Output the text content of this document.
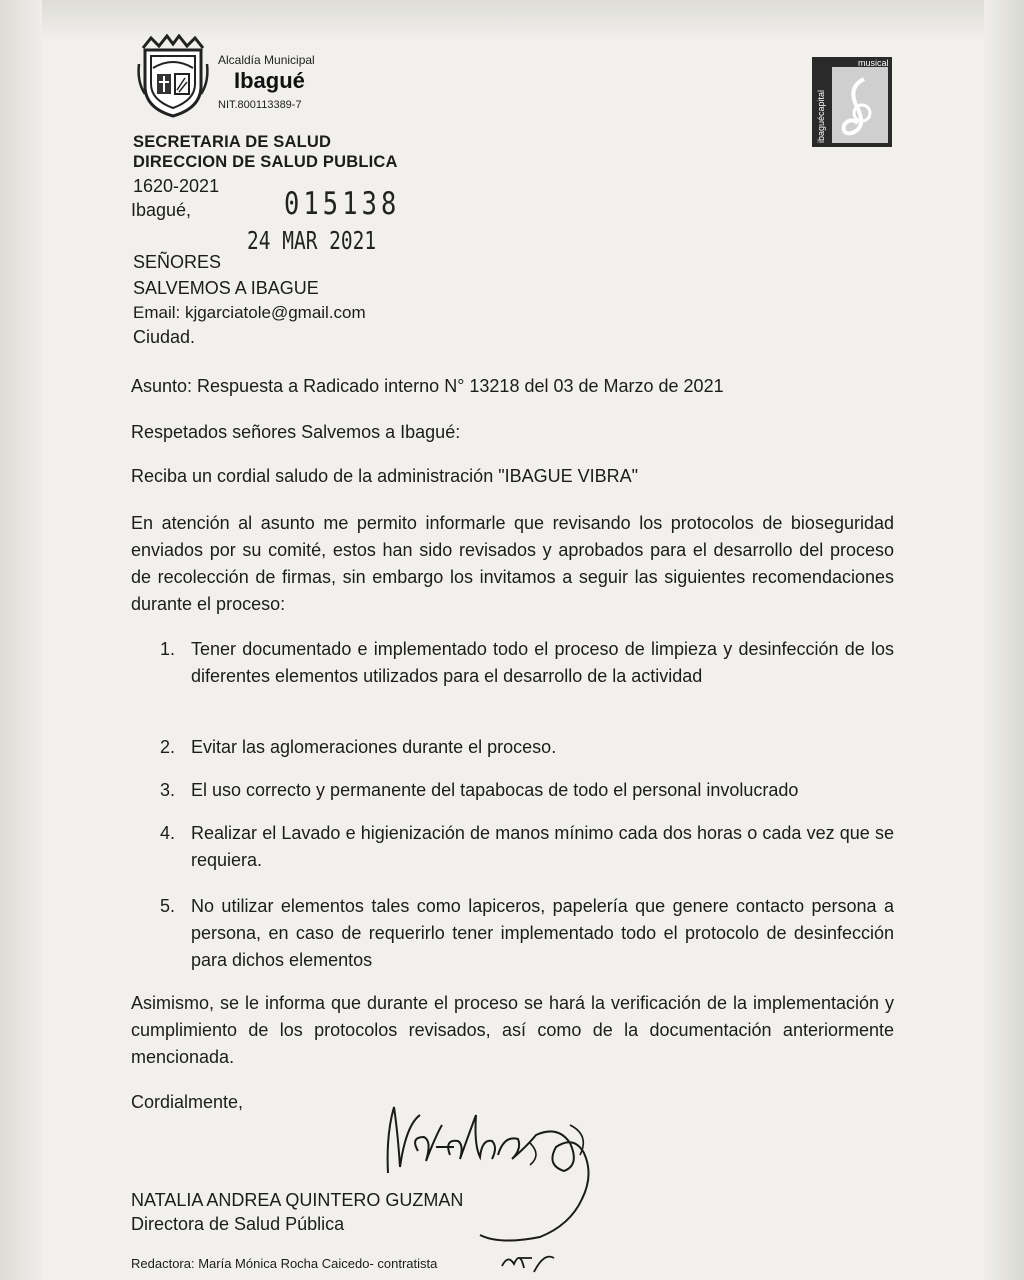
Alcaldía Municipal
Ibagué
NIT.800113389-7
musical
ibaguécapital
SECRETARIA DE SALUD
DIRECCION DE SALUD PUBLICA
1620-2021
Ibagué,	015138
24 MAR 2021
SEÑORES
SALVEMOS A IBAGUE
Email: kjgarciatole@gmail.com
Ciudad.
Asunto: Respuesta a Radicado interno N° 13218 del 03 de Marzo de 2021
Respetados señores Salvemos a Ibagué:
Reciba un cordial saludo de la administración "IBAGUE VIBRA"
En atención al asunto me permito informarle que revisando los protocolos de bioseguridad enviados por su comité, estos han sido revisados y aprobados para el desarrollo del proceso de recolección de firmas, sin embargo los invitamos a seguir las siguientes recomendaciones durante el proceso:
1. Tener documentado e implementado todo el proceso de limpieza y desinfección de los diferentes elementos utilizados para el desarrollo de la actividad
2. Evitar las aglomeraciones durante el proceso.
3. El uso correcto y permanente del tapabocas de todo el personal involucrado
4. Realizar el Lavado e higienización de manos mínimo cada dos horas o cada vez que se requiera.
5. No utilizar elementos tales como lapiceros, papelería que genere contacto persona a persona, en caso de requerirlo tener implementado todo el protocolo de desinfección para dichos elementos
Asimismo, se le informa que durante el proceso se hará la verificación de la implementación y cumplimiento de los protocolos revisados, así como de la documentación anteriormente mencionada.
Cordialmente,
NATALIA ANDREA QUINTERO GUZMAN
Directora de Salud Pública
Redactora: María Mónica Rocha Caicedo- contratista
